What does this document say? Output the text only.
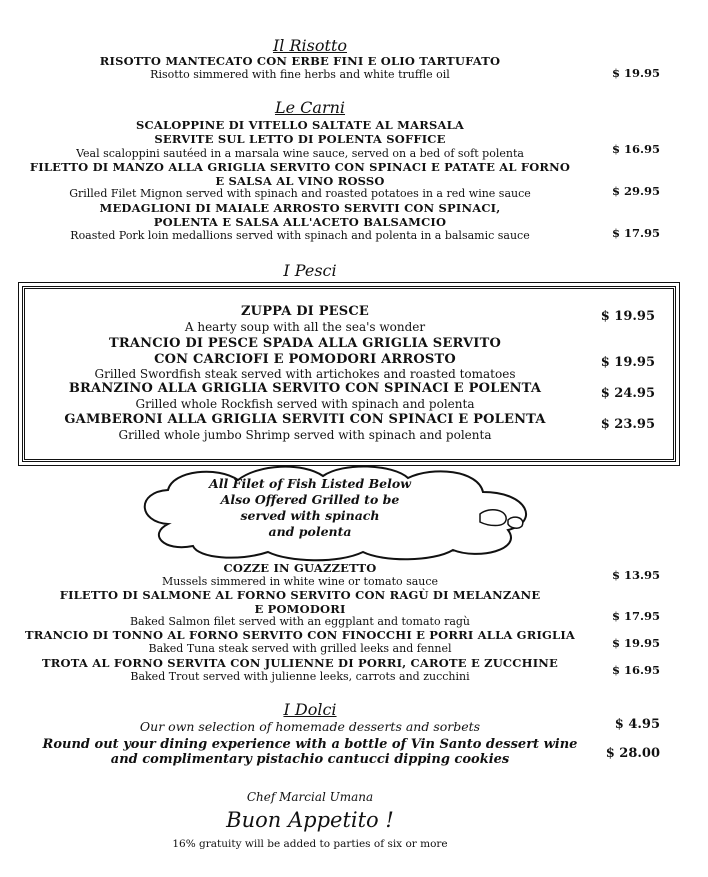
Il Risotto
RISOTTO MANTECATO CON ERBE FINI E OLIO TARTUFATO
Risotto simmered with fine herbs and white truffle oil	$ 19.95
Le Carni
SCALOPPINE DI VITELLO SALTATE AL MARSALA
SERVITE SUL LETTO DI POLENTA SOFFICE
Veal scaloppini sautéed in a marsala wine sauce, served on a bed of soft polenta	$ 16.95
FILETTO DI MANZO ALLA GRIGLIA SERVITO CON SPINACI E PATATE AL FORNO
E SALSA AL VINO ROSSO
Grilled Filet Mignon served with spinach and roasted potatoes in a red wine sauce	$ 29.95
MEDAGLIONI DI MAIALE ARROSTO SERVITI CON SPINACI,
POLENTA E SALSA ALL'ACETO BALSAMCIO
Roasted Pork loin medallions served with spinach and polenta in a balsamic sauce	$ 17.95
I Pesci
ZUPPA DI PESCE
A hearty soup with all the sea's wonder
$ 19.95
TRANCIO DI PESCE SPADA ALLA GRIGLIA SERVITO
CON CARCIOFI E POMODORI ARROSTO
Grilled Swordfish steak served with artichokes and roasted tomatoes
$ 19.95
BRANZINO ALLA GRIGLIA SERVITO CON SPINACI E POLENTA
Grilled whole Rockfish served with spinach and polenta
$ 24.95
GAMBERONI ALLA GRIGLIA SERVITI CON SPINACI E POLENTA
Grilled whole jumbo Shrimp served with spinach and polenta
$ 23.95
All Filet of Fish Listed Below
Also Offered Grilled to be
served with spinach
and polenta
COZZE IN GUAZZETTO
Mussels simmered in white wine or tomato sauce	$ 13.95
FILETTO DI SALMONE AL FORNO SERVITO CON RAGÙ DI MELANZANE
E POMODORI
Baked Salmon filet served with an eggplant and tomato ragù	$ 17.95
TRANCIO DI TONNO AL FORNO SERVITO CON FINOCCHI E PORRI ALLA GRIGLIA
Baked Tuna steak served with grilled leeks and fennel	$ 19.95
TROTA AL FORNO SERVITA CON JULIENNE DI PORRI, CAROTE E ZUCCHINE
Baked Trout served with julienne leeks, carrots and zucchini	$ 16.95
I Dolci
Our own selection of homemade desserts and sorbets	$ 4.95
Round out your dining experience with a bottle of Vin Santo dessert wine
and complimentary pistachio cantucci dipping cookies	$ 28.00
Chef Marcial Umana
Buon Appetito !
16% gratuity will be added to parties of six or more
